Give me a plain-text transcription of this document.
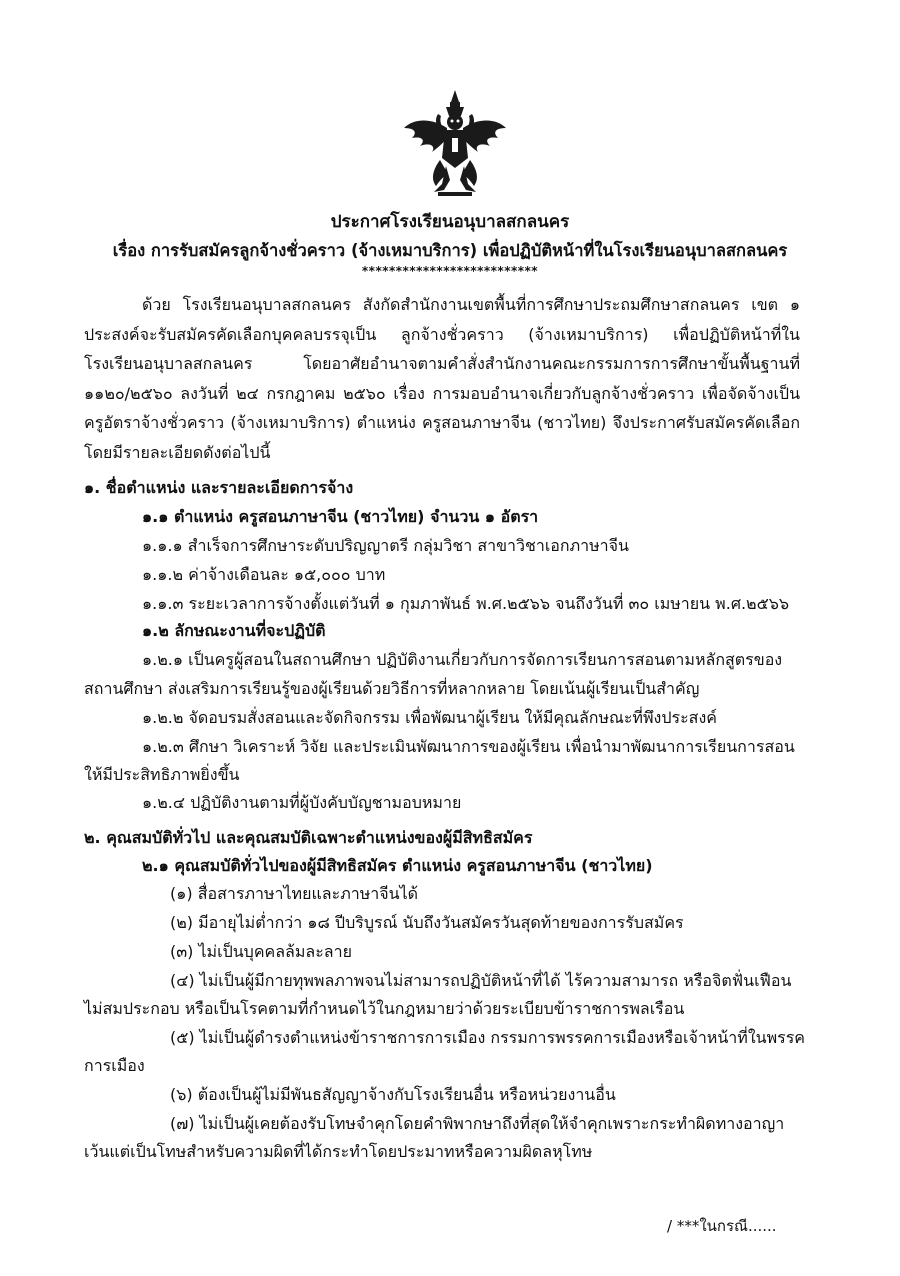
ประกาศโรงเรียนอนุบาลสกลนคร
เรื่อง การรับสมัครลูกจ้างชั่วคราว (จ้างเหมาบริการ) เพื่อปฏิบัติหน้าที่ในโรงเรียนอนุบาลสกลนคร
**************************
ด้วย โรงเรียนอนุบาลสกลนคร สังกัดสำนักงานเขตพื้นที่การศึกษาประถมศึกษาสกลนคร เขต ๑ ประสงค์จะรับสมัครคัดเลือกบุคคลบรรจุเป็น ลูกจ้างชั่วคราว (จ้างเหมาบริการ) เพื่อปฏิบัติหน้าที่ในโรงเรียนอนุบาลสกลนคร โดยอาศัยอำนาจตามคำสั่งสำนักงานคณะกรรมการการศึกษาขั้นพื้นฐานที่ ๑๑๒๐/๒๕๖๐ ลงวันที่ ๒๔ กรกฎาคม ๒๕๖๐ เรื่อง การมอบอำนาจเกี่ยวกับลูกจ้างชั่วคราว เพื่อจัดจ้างเป็นครูอัตราจ้างชั่วคราว (จ้างเหมาบริการ) ตำแหน่ง ครูสอนภาษาจีน (ชาวไทย) จึงประกาศรับสมัครคัดเลือก โดยมีรายละเอียดดังต่อไปนี้
๑. ชื่อตำแหน่ง และรายละเอียดการจ้าง
๑.๑ ตำแหน่ง ครูสอนภาษาจีน (ชาวไทย) จำนวน ๑ อัตรา
๑.๑.๑ สำเร็จการศึกษาระดับปริญญาตรี กลุ่มวิชา สาขาวิชาเอกภาษาจีน
๑.๑.๒ ค่าจ้างเดือนละ ๑๕,๐๐๐ บาท
๑.๑.๓ ระยะเวลาการจ้างตั้งแต่วันที่ ๑ กุมภาพันธ์ พ.ศ.๒๕๖๖ จนถึงวันที่ ๓๐ เมษายน พ.ศ.๒๕๖๖
๑.๒ ลักษณะงานที่จะปฏิบัติ
๑.๒.๑ เป็นครูผู้สอนในสถานศึกษา ปฏิบัติงานเกี่ยวกับการจัดการเรียนการสอนตามหลักสูตรของ
สถานศึกษา ส่งเสริมการเรียนรู้ของผู้เรียนด้วยวิธีการที่หลากหลาย โดยเน้นผู้เรียนเป็นสำคัญ
๑.๒.๒ จัดอบรมสั่งสอนและจัดกิจกรรม เพื่อพัฒนาผู้เรียน ให้มีคุณลักษณะที่พึงประสงค์
๑.๒.๓ ศึกษา วิเคราะห์ วิจัย และประเมินพัฒนาการของผู้เรียน เพื่อนำมาพัฒนาการเรียนการสอน
ให้มีประสิทธิภาพยิ่งขึ้น
๑.๒.๔ ปฏิบัติงานตามที่ผู้บังคับบัญชามอบหมาย
๒. คุณสมบัติทั่วไป และคุณสมบัติเฉพาะตำแหน่งของผู้มีสิทธิสมัคร
๒.๑ คุณสมบัติทั่วไปของผู้มีสิทธิสมัคร ตำแหน่ง ครูสอนภาษาจีน (ชาวไทย)
(๑) สื่อสารภาษาไทยและภาษาจีนได้
(๒) มีอายุไม่ต่ำกว่า ๑๘ ปีบริบูรณ์ นับถึงวันสมัครวันสุดท้ายของการรับสมัคร
(๓) ไม่เป็นบุคคลล้มละลาย
(๔) ไม่เป็นผู้มีกายทุพพลภาพจนไม่สามารถปฏิบัติหน้าที่ได้ ไร้ความสามารถ หรือจิตฟั่นเฟือน
ไม่สมประกอบ หรือเป็นโรคตามที่กำหนดไว้ในกฎหมายว่าด้วยระเบียบข้าราชการพลเรือน
(๕) ไม่เป็นผู้ดำรงตำแหน่งข้าราชการการเมือง กรรมการพรรคการเมืองหรือเจ้าหน้าที่ในพรรค
การเมือง
(๖) ต้องเป็นผู้ไม่มีพันธสัญญาจ้างกับโรงเรียนอื่น หรือหน่วยงานอื่น
(๗) ไม่เป็นผู้เคยต้องรับโทษจำคุกโดยคำพิพากษาถึงที่สุดให้จำคุกเพราะกระทำผิดทางอาญา
เว้นแต่เป็นโทษสำหรับความผิดที่ได้กระทำโดยประมาทหรือความผิดลหุโทษ
/ ***ในกรณี......
